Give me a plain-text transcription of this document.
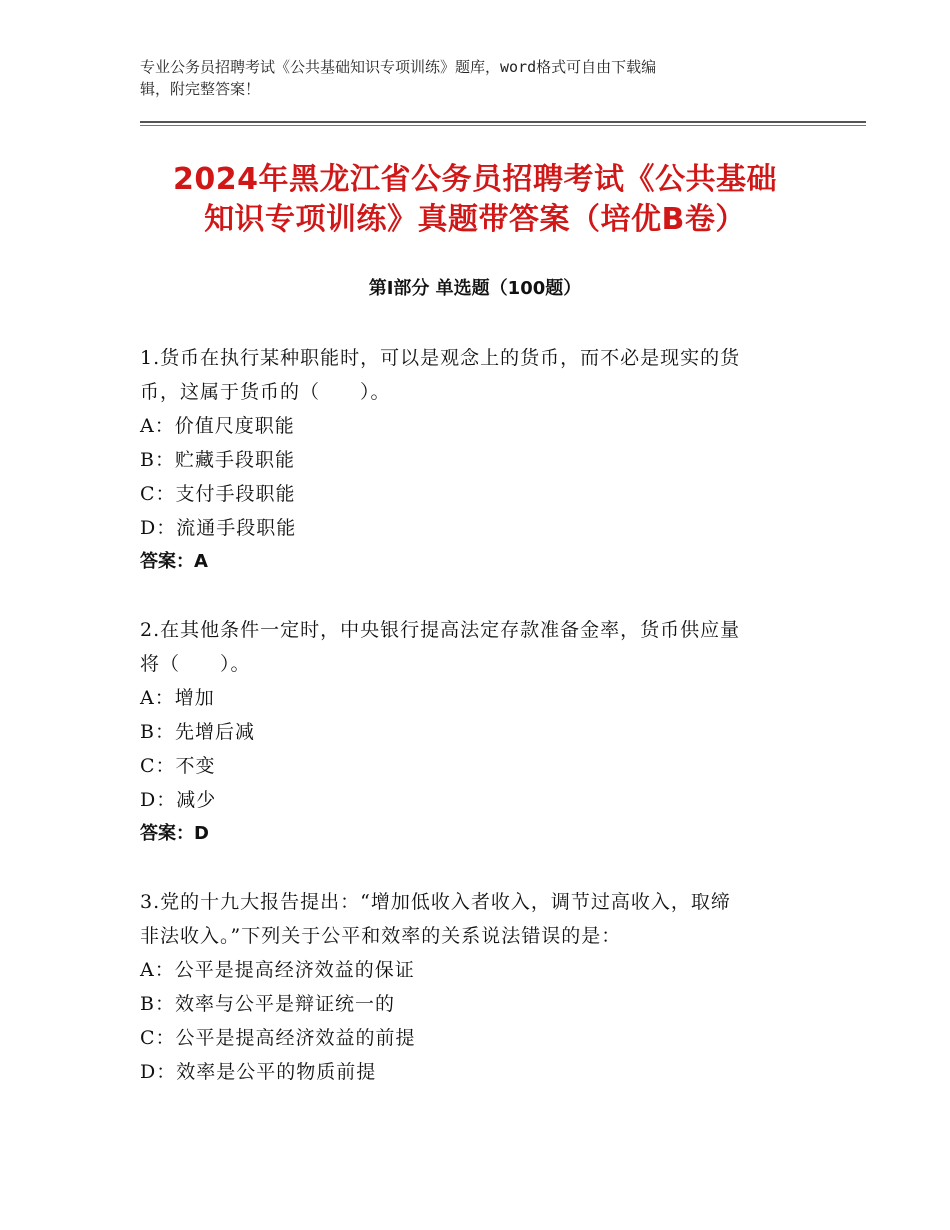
专业公务员招聘考试《公共基础知识专项训练》题库，word格式可自由下载编
辑，附完整答案！
2024年黑龙江省公务员招聘考试《公共基础
知识专项训练》真题带答案（培优B卷）
第Ⅰ部分 单选题（100题）

1.货币在执行某种职能时，可以是观念上的货币，而不必是现实的货

币，这属于货币的（　　）。

A：价值尺度职能

B：贮藏手段职能

C：支付手段职能

D：流通手段职能

答案：A

2.在其他条件一定时，中央银行提高法定存款准备金率，货币供应量

将（　　）。

A：增加

B：先增后减

C：不变

D：减少

答案：D

3.党的十九大报告提出：“增加低收入者收入，调节过高收入，取缔

非法收入。”下列关于公平和效率的关系说法错误的是：

A：公平是提高经济效益的保证

B：效率与公平是辩证统一的

C：公平是提高经济效益的前提

D：效率是公平的物质前提
